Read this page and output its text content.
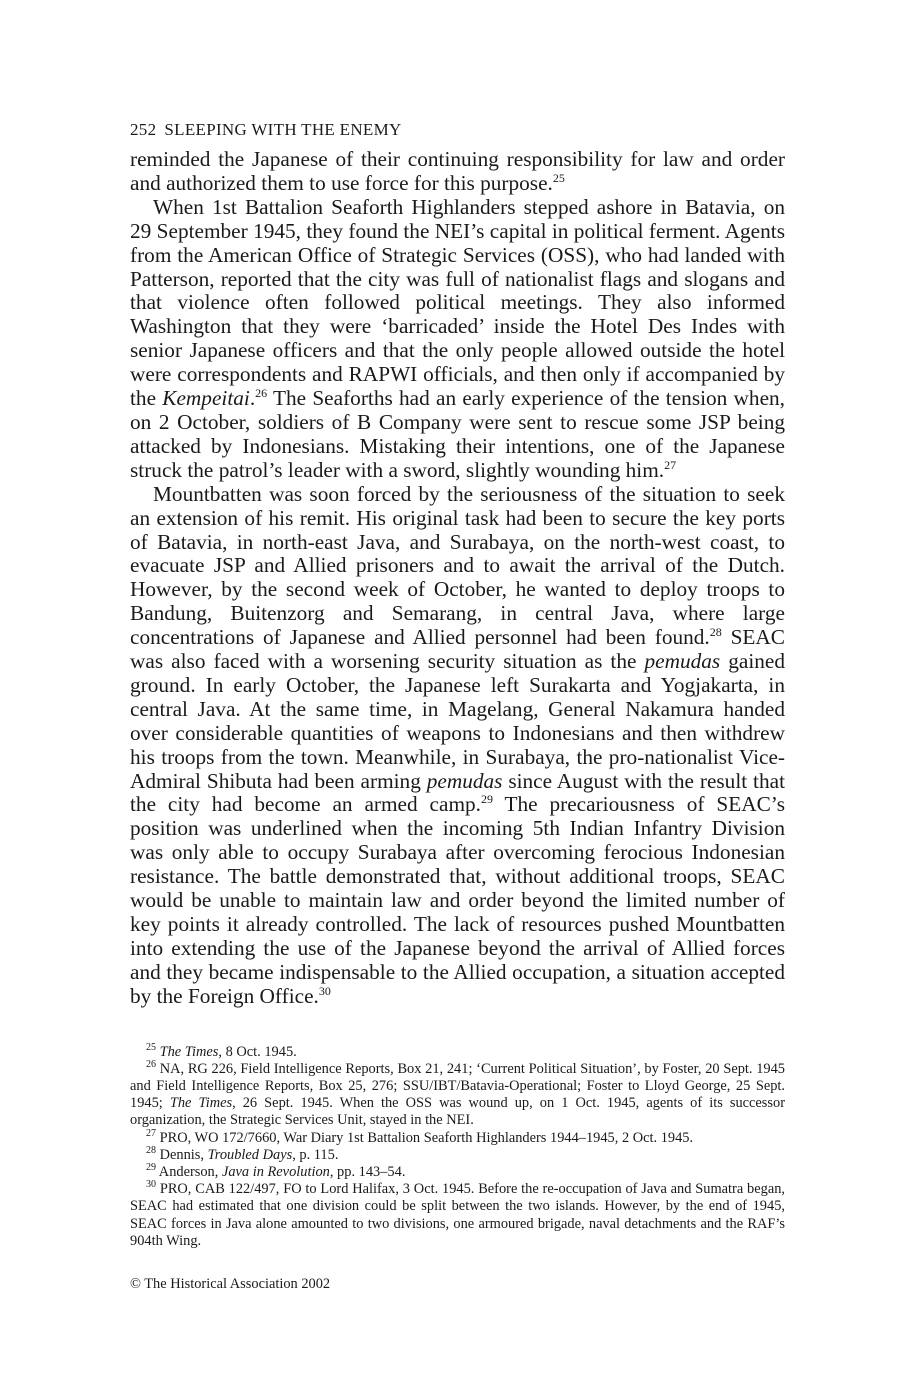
252 SLEEPING WITH THE ENEMY

reminded the Japanese of their continuing responsibility for law and order and authorized them to use force for this purpose.$^{25}$

When 1st Battalion Seaforth Highlanders stepped ashore in Batavia, on 29 September 1945, they found the NEI’s capital in political ferment. Agents from the American Office of Strategic Services (OSS), who had landed with Patterson, reported that the city was full of nationalist flags and slogans and that violence often followed political meetings. They also informed Washington that they were ‘barricaded’ inside the Hotel Des Indes with senior Japanese officers and that the only people allowed outside the hotel were correspondents and RAPWI officials, and then only if accompanied by the Kempeitai.$^{26}$ The Seaforths had an early experience of the tension when, on 2 October, soldiers of B Company were sent to rescue some JSP being attacked by Indonesians. Mistaking their intentions, one of the Japanese struck the patrol’s leader with a sword, slightly wounding him.$^{27}$

Mountbatten was soon forced by the seriousness of the situation to seek an extension of his remit. His original task had been to secure the key ports of Batavia, in north-east Java, and Surabaya, on the north-west coast, to evacuate JSP and Allied prisoners and to await the arrival of the Dutch. However, by the second week of October, he wanted to deploy troops to Bandung, Buitenzorg and Semarang, in central Java, where large concentrations of Japanese and Allied personnel had been found.$^{28}$ SEAC was also faced with a worsening security situation as the pemudas gained ground. In early October, the Japanese left Surakarta and Yogjakarta, in central Java. At the same time, in Magelang, General Nakamura handed over considerable quantities of weapons to Indonesians and then withdrew his troops from the town. Meanwhile, in Surabaya, the pro-nationalist Vice-Admiral Shibuta had been arming pemudas since August with the result that the city had become an armed camp.$^{29}$ The precariousness of SEAC’s position was underlined when the incoming 5th Indian Infantry Division was only able to occupy Surabaya after overcoming ferocious Indonesian resistance. The battle demonstrated that, without additional troops, SEAC would be unable to maintain law and order beyond the limited number of key points it already controlled. The lack of resources pushed Mountbatten into extending the use of the Japanese beyond the arrival of Allied forces and they became indispensable to the Allied occupation, a situation accepted by the Foreign Office.$^{30}$

$^{25}$ The Times, 8 Oct. 1945.

$^{26}$ NA, RG 226, Field Intelligence Reports, Box 21, 241; ‘Current Political Situation’, by Foster, 20 Sept. 1945 and Field Intelligence Reports, Box 25, 276; SSU/IBT/Batavia-Operational; Foster to Lloyd George, 25 Sept. 1945; The Times, 26 Sept. 1945. When the OSS was wound up, on 1 Oct. 1945, agents of its successor organization, the Strategic Services Unit, stayed in the NEI.

$^{27}$ PRO, WO 172/7660, War Diary 1st Battalion Seaforth Highlanders 1944–1945, 2 Oct. 1945.

$^{28}$ Dennis, Troubled Days, p. 115.

$^{29}$ Anderson, Java in Revolution, pp. 143–54.

$^{30}$ PRO, CAB 122/497, FO to Lord Halifax, 3 Oct. 1945. Before the re-occupation of Java and Sumatra began, SEAC had estimated that one division could be split between the two islands. However, by the end of 1945, SEAC forces in Java alone amounted to two divisions, one armoured brigade, naval detachments and the RAF’s 904th Wing.

© The Historical Association 2002
